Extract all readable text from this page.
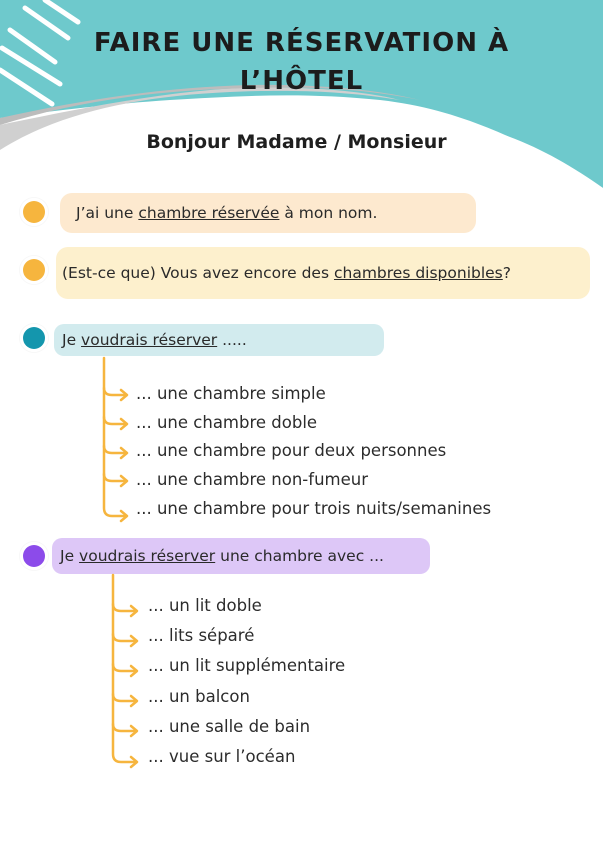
FAIRE UNE RÉSERVATION À
L’HÔTEL
Bonjour Madame / Monsieur
J’ai une chambre réservée à mon nom.
(Est-ce que) Vous avez encore des chambres disponibles ?
Je voudrais réserver .....
... une chambre simple
... une chambre doble
... une chambre pour deux personnes
... une chambre non-fumeur
... une chambre pour trois nuits/semanines
Je voudrais réserver une chambre avec ...
... un lit doble
... lits séparé
... un lit supplémentaire
... un balcon
... une salle de bain
... vue sur l’océan
